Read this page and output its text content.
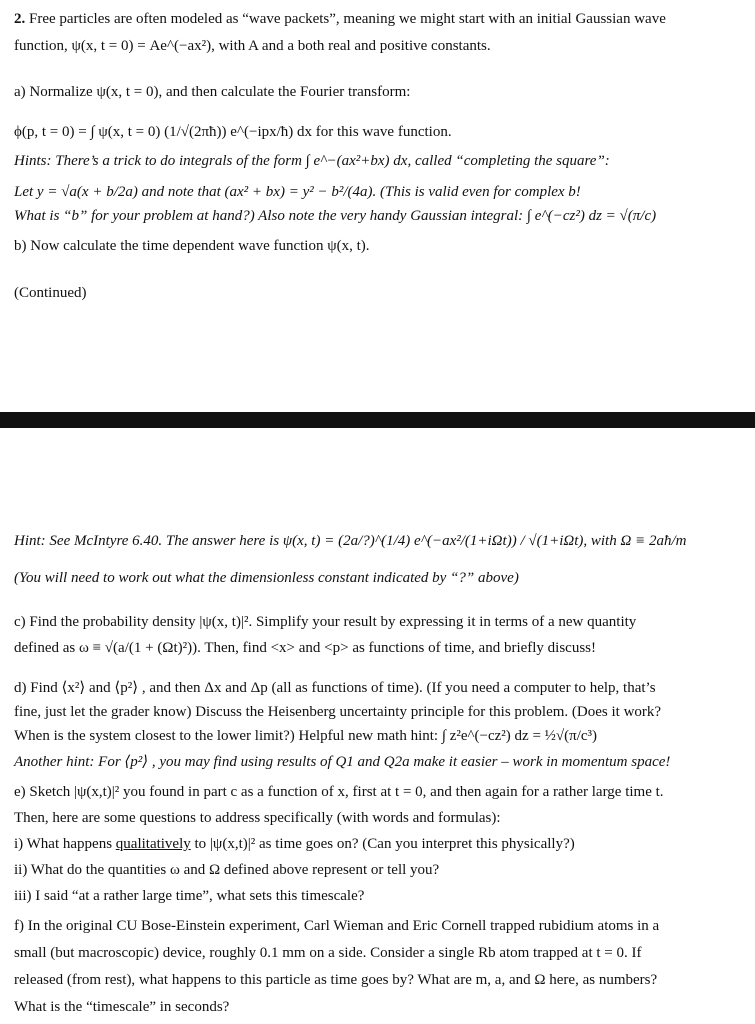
2. Free particles are often modeled as “wave packets”, meaning we might start with an initial Gaussian wave
function, ψ(x, t = 0) = Ae^(−ax²), with A and a both real and positive constants.
a) Normalize ψ(x, t = 0), and then calculate the Fourier transform:
ϕ(p, t = 0) = ∫ ψ(x, t = 0) (1/√(2πħ)) e^(−ipx/ħ) dx for this wave function.
Hints: There’s a trick to do integrals of the form ∫ e^−(ax²+bx) dx, called “completing the square”:
Let y = √a(x + b/2a) and note that (ax² + bx) = y² − b²/(4a). (This is valid even for complex b!
What is “b” for your problem at hand?) Also note the very handy Gaussian integral: ∫ e^(−cz²) dz = √(π/c)
b) Now calculate the time dependent wave function ψ(x, t).
(Continued)
Hint: See McIntyre 6.40. The answer here is ψ(x, t) = (2a/?)^(1/4) e^(−ax²/(1+iΩt)) / √(1+iΩt), with Ω ≡ 2aħ/m
(You will need to work out what the dimensionless constant indicated by “?” above)
c) Find the probability density |ψ(x, t)|². Simplify your result by expressing it in terms of a new quantity
defined as ω ≡ √(a/(1 + (Ωt)²)). Then, find <x> and <p> as functions of time, and briefly discuss!
d) Find ⟨x²⟩ and ⟨p²⟩ , and then Δx and Δp (all as functions of time). (If you need a computer to help, that’s
fine, just let the grader know) Discuss the Heisenberg uncertainty principle for this problem. (Does it work?
When is the system closest to the lower limit?) Helpful new math hint: ∫ z²e^(−cz²) dz = ½√(π/c³)
Another hint: For ⟨p²⟩ , you may find using results of Q1 and Q2a make it easier – work in momentum space!
e) Sketch |ψ(x,t)|² you found in part c as a function of x, first at t = 0, and then again for a rather large time t.
Then, here are some questions to address specifically (with words and formulas):
i) What happens qualitatively to |ψ(x,t)|² as time goes on? (Can you interpret this physically?)
ii) What do the quantities ω and Ω defined above represent or tell you?
iii) I said “at a rather large time”, what sets this timescale?
f) In the original CU Bose-Einstein experiment, Carl Wieman and Eric Cornell trapped rubidium atoms in a
small (but macroscopic) device, roughly 0.1 mm on a side. Consider a single Rb atom trapped at t = 0. If
released (from rest), what happens to this particle as time goes by? What are m, a, and Ω here, as numbers?
What is the “timescale” in seconds?
